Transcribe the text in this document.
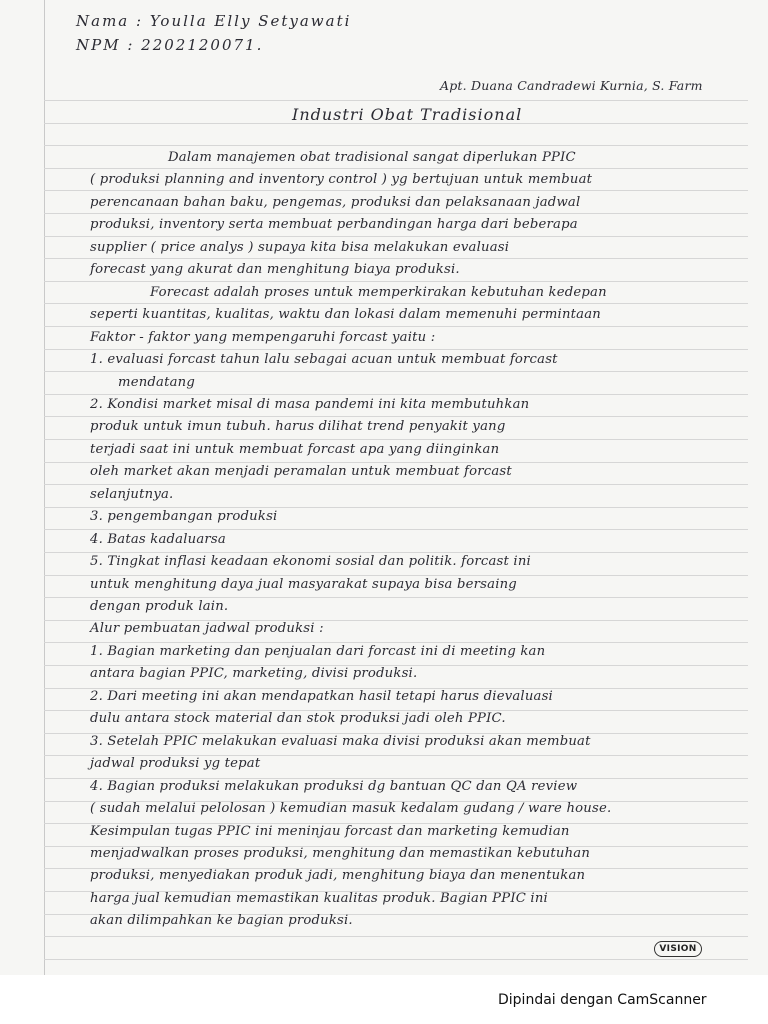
Nama : Youlla Elly Setyawati
NPM : 2202120071.
Apt. Duana Candradewi Kurnia, S. Farm
Industri Obat Tradisional
Dalam manajemen obat tradisional sangat diperlukan PPIC
( produksi planning and inventory control ) yg bertujuan untuk membuat
perencanaan bahan baku, pengemas, produksi dan pelaksanaan jadwal
produksi, inventory serta membuat perbandingan harga dari beberapa
supplier ( price analys ) supaya kita bisa melakukan evaluasi
forecast yang akurat dan menghitung biaya produksi.
Forecast adalah proses untuk memperkirakan kebutuhan kedepan
seperti kuantitas, kualitas, waktu dan lokasi dalam memenuhi permintaan
Faktor - faktor yang mempengaruhi forcast yaitu :
1. evaluasi forcast tahun lalu sebagai acuan untuk membuat forcast
mendatang
2. Kondisi market misal di masa pandemi ini kita membutuhkan
produk untuk imun tubuh. harus dilihat trend penyakit yang
terjadi saat ini untuk membuat forcast apa yang diinginkan
oleh market akan menjadi peramalan untuk membuat forcast
selanjutnya.
3. pengembangan produksi
4. Batas kadaluarsa
5. Tingkat inflasi keadaan ekonomi sosial dan politik. forcast ini
untuk menghitung daya jual masyarakat supaya bisa bersaing
dengan produk lain.
Alur pembuatan jadwal produksi :
1. Bagian marketing dan penjualan dari forcast ini di meeting kan
antara bagian PPIC, marketing, divisi produksi.
2. Dari meeting ini akan mendapatkan hasil tetapi harus dievaluasi
dulu antara stock material dan stok produksi jadi oleh PPIC.
3. Setelah PPIC melakukan evaluasi maka divisi produksi akan membuat
jadwal produksi yg tepat
4. Bagian produksi melakukan produksi dg bantuan QC dan QA review
( sudah melalui pelolosan ) kemudian masuk kedalam gudang / ware house.
Kesimpulan tugas PPIC ini meninjau forcast dan marketing kemudian
menjadwalkan proses produksi, menghitung dan memastikan kebutuhan
produksi, menyediakan produk jadi, menghitung biaya dan menentukan
harga jual kemudian memastikan kualitas produk. Bagian PPIC ini
akan dilimpahkan ke bagian produksi.
VISION
Dipindai dengan CamScanner
